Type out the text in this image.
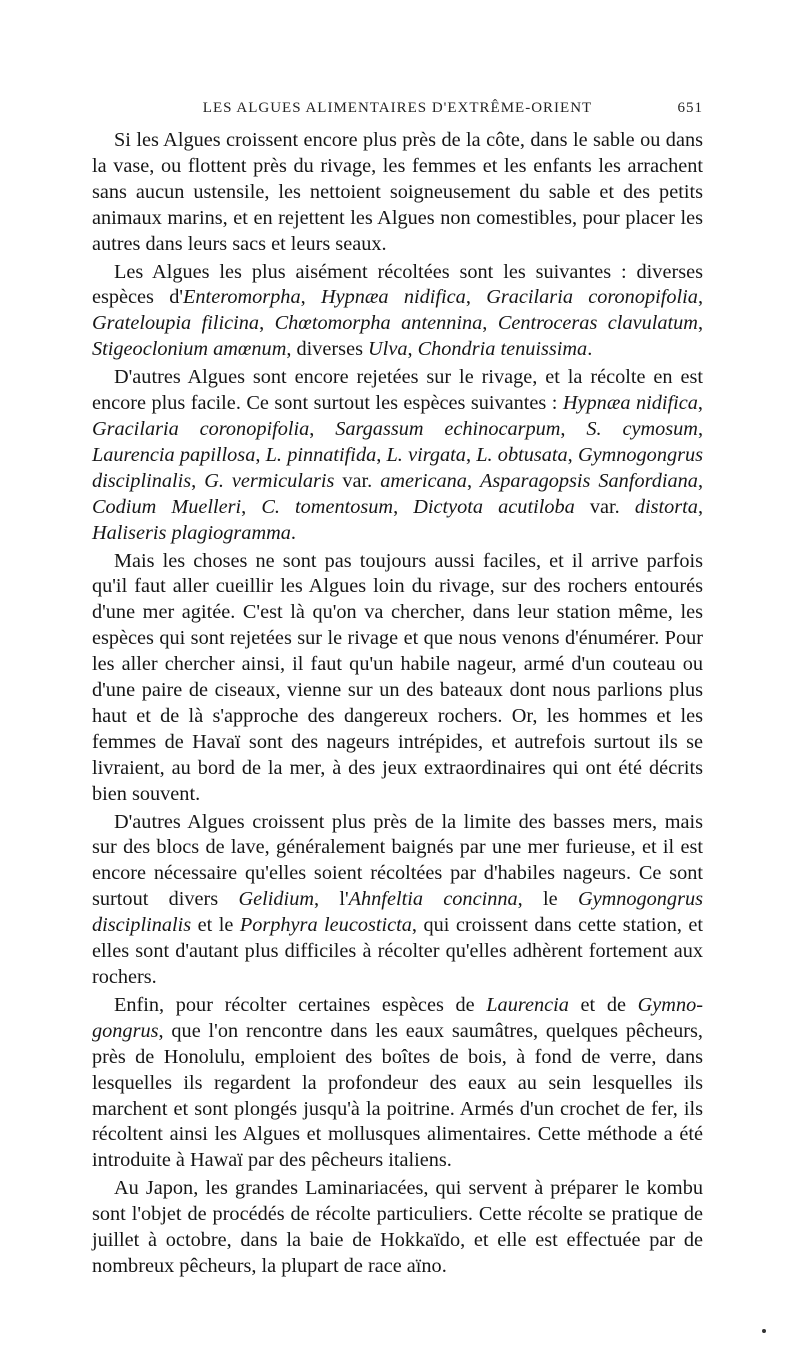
LES ALGUES ALIMENTAIRES D'EXTRÊME-ORIENT	651

Si les Algues croissent encore plus près de la côte, dans le sable ou dans la vase, ou flottent près du rivage, les femmes et les enfants les arrachent sans aucun ustensile, les nettoient soigneusement du sable et des petits animaux marins, et en rejettent les Algues non comestibles, pour placer les autres dans leurs sacs et leurs seaux.

Les Algues les plus aisément récoltées sont les suivantes : diverses espèces d'Enteromorpha, Hypnæa nidifica, Gracilaria coronopifolia, Grateloupia filicina, Chœtomorpha antennina, Centroceras clavulatum, Stigeoclonium amœnum, diverses Ulva, Chondria tenuissima.

D'autres Algues sont encore rejetées sur le rivage, et la récolte en est encore plus facile. Ce sont surtout les espèces suivantes : Hypnæa nidifica, Gracilaria coronopifolia, Sargassum echinocarpum, S. cymosum, Laurencia papillosa, L. pinnatifida, L. virgata, L. obtusata, Gymnogongrus disciplinalis, G. vermicularis var. americana, Asparagopsis Sanfordiana, Codium Muelleri, C. tomentosum, Dictyota acutiloba var. distorta, Haliseris plagiogramma.

Mais les choses ne sont pas toujours aussi faciles, et il arrive parfois qu'il faut aller cueillir les Algues loin du rivage, sur des rochers entourés d'une mer agitée. C'est là qu'on va chercher, dans leur station même, les espèces qui sont rejetées sur le rivage et que nous venons d'énumérer. Pour les aller chercher ainsi, il faut qu'un habile nageur, armé d'un couteau ou d'une paire de ciseaux, vienne sur un des bateaux dont nous parlions plus haut et de là s'approche des dangereux rochers. Or, les hommes et les femmes de Havaï sont des nageurs intrépides, et autrefois surtout ils se livraient, au bord de la mer, à des jeux extraordinaires qui ont été décrits bien souvent.

D'autres Algues croissent plus près de la limite des basses mers, mais sur des blocs de lave, généralement baignés par une mer furieuse, et il est encore nécessaire qu'elles soient récoltées par d'habiles nageurs. Ce sont surtout divers Gelidium, l'Ahnfeltia concinna, le Gymnogongrus disciplinalis et le Porphyra leucosticta, qui croissent dans cette station, et elles sont d'autant plus difficiles à récolter qu'elles adhèrent fortement aux rochers.

Enfin, pour récolter certaines espèces de Laurencia et de Gymnogongrus, que l'on rencontre dans les eaux saumâtres, quelques pêcheurs, près de Honolulu, emploient des boîtes de bois, à fond de verre, dans lesquelles ils regardent la profondeur des eaux au sein lesquelles ils marchent et sont plongés jusqu'à la poitrine. Armés d'un crochet de fer, ils récoltent ainsi les Algues et mollusques alimentaires. Cette méthode a été introduite à Hawaï par des pêcheurs italiens.

Au Japon, les grandes Laminariacées, qui servent à préparer le kombu sont l'objet de procédés de récolte particuliers. Cette récolte se pratique de juillet à octobre, dans la baie de Hokkaïdo, et elle est effectuée par de nombreux pêcheurs, la plupart de race aïno.
